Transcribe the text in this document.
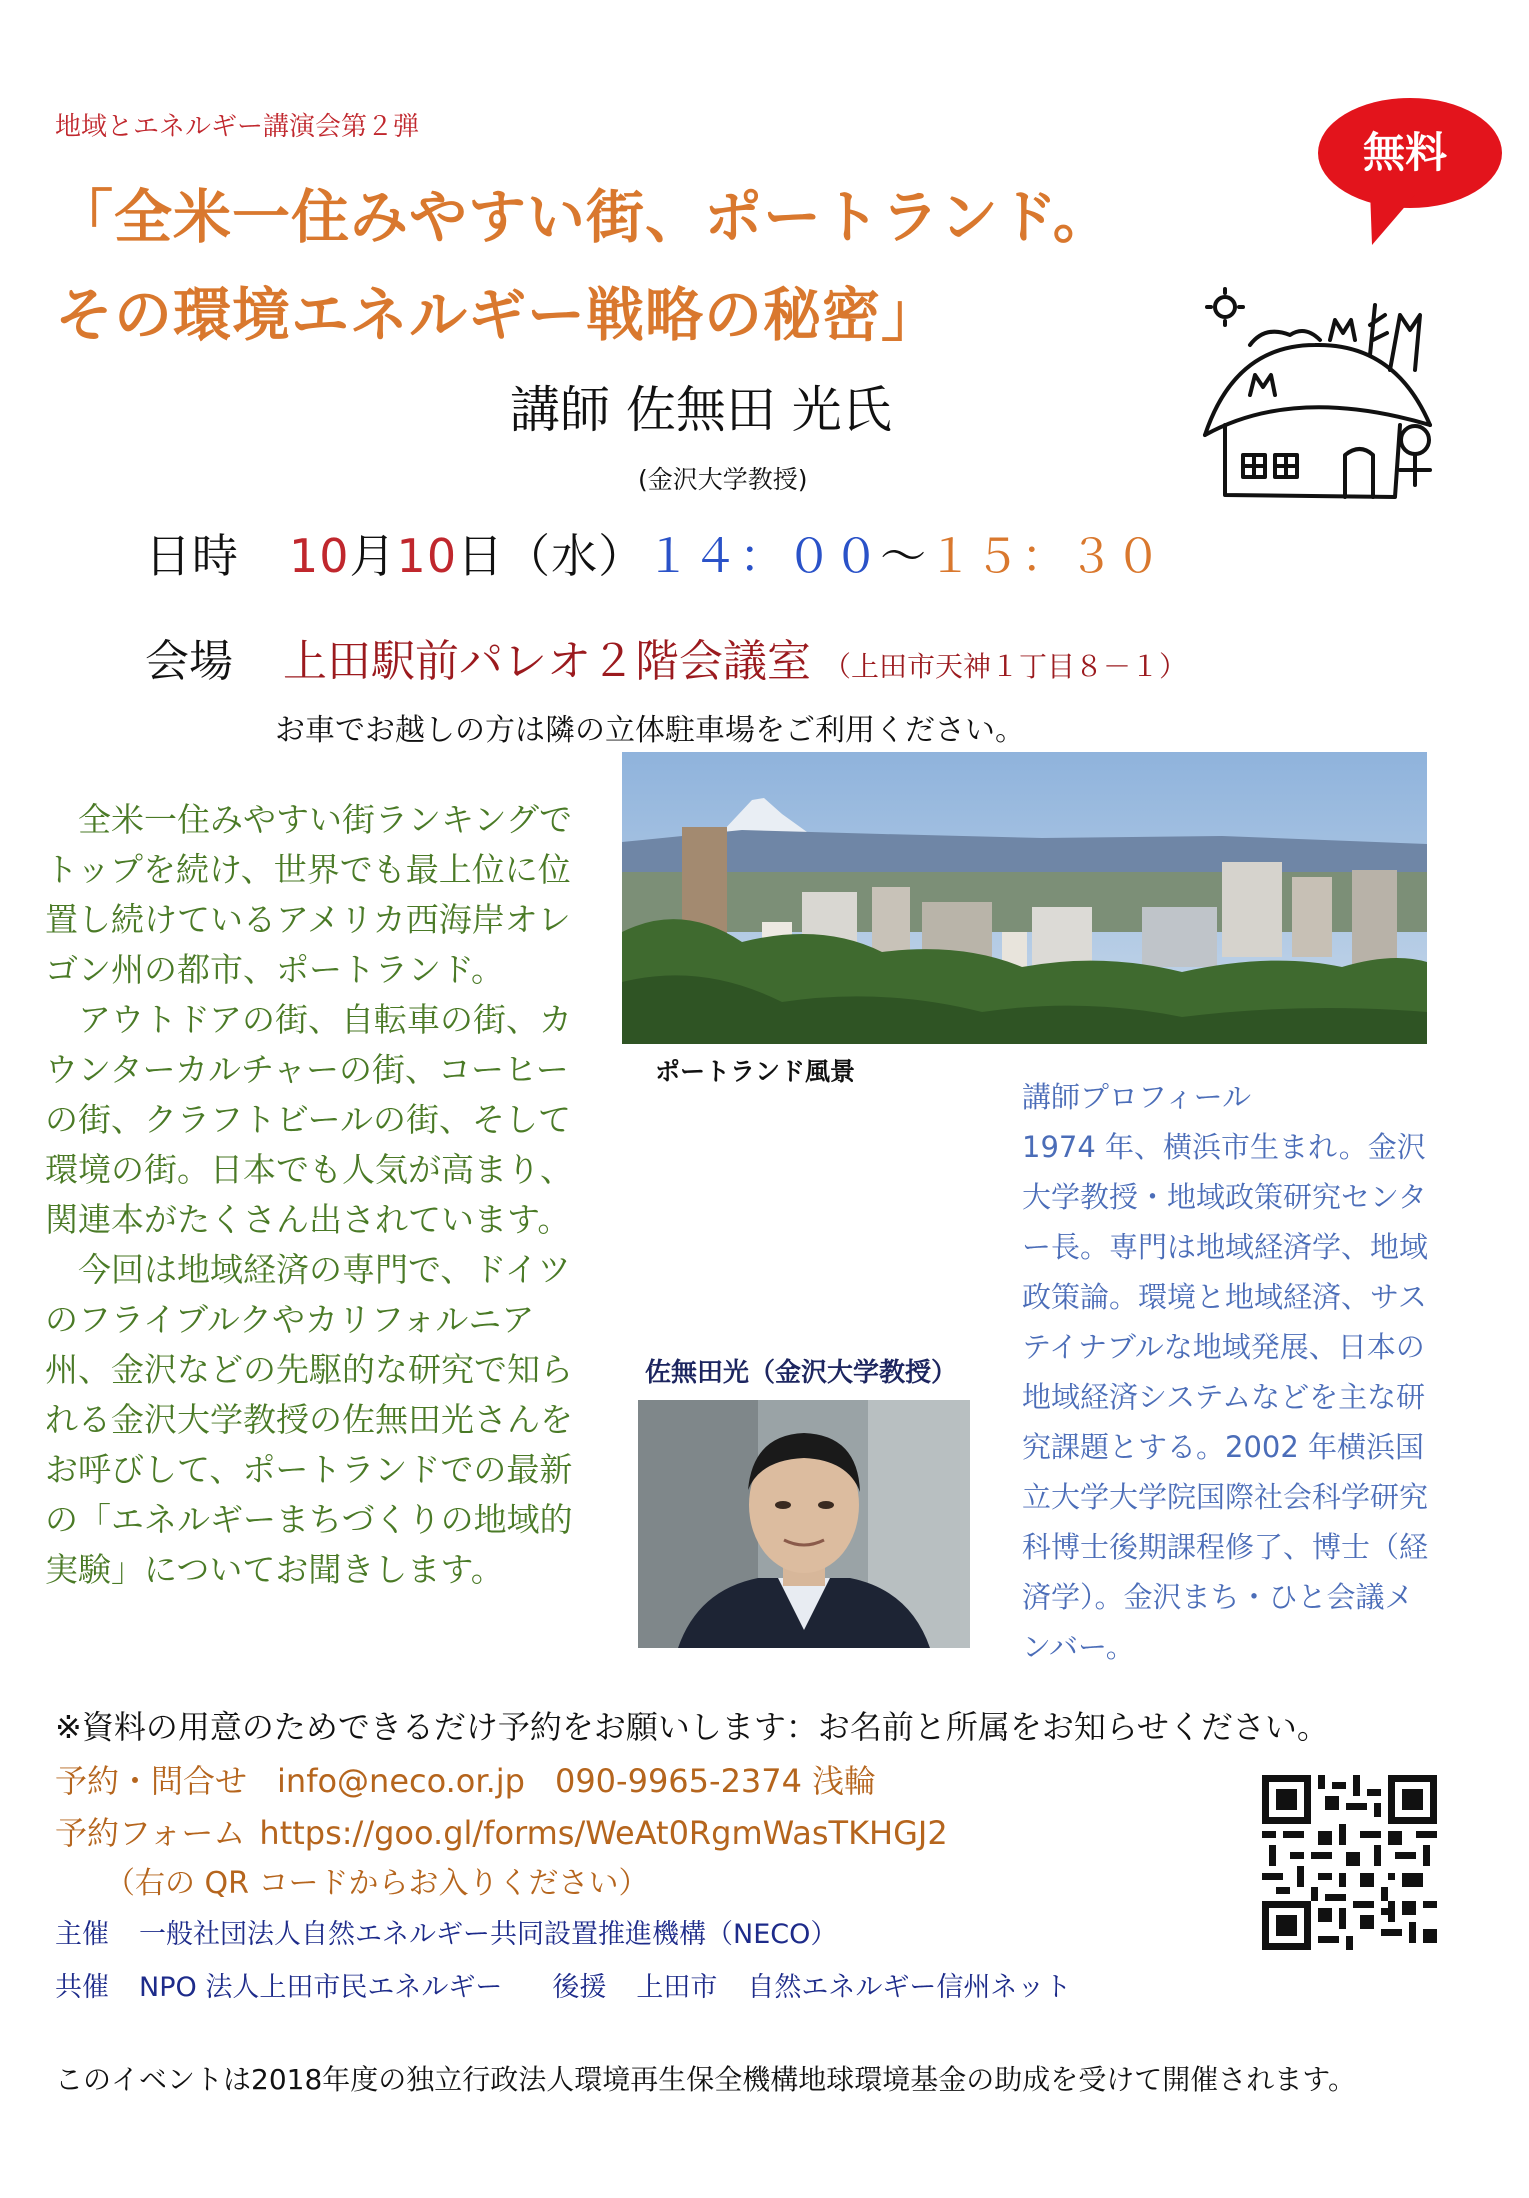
地域とエネルギー講演会第２弾
「全米一住みやすい街、ポートランド。
その環境エネルギー戦略の秘密」
無料
講師 佐無田 光氏
(金沢大学教授)
日時 10月10日（水）１４：００～１５：３０
会場 上田駅前パレオ２階会議室 （上田市天神１丁目８－１）
お車でお越しの方は隣の立体駐車場をご利用ください。
ポートランド風景

全米一住みやすい街ランキングでトップを続け、世界でも最上位に位置し続けているアメリカ西海岸オレゴン州の都市、ポートランド。

アウトドアの街、自転車の街、カウンターカルチャーの街、コーヒーの街、クラフトビールの街、そして環境の街。日本でも人気が高まり、関連本がたくさん出されています。

今回は地域経済の専門で、ドイツのフライブルクやカリフォルニア州、金沢などの先駆的な研究で知られる金沢大学教授の佐無田光さんをお呼びして、ポートランドでの最新の「エネルギーまちづくりの地域的実験」についてお聞きします。

講師プロフィール
1974 年、横浜市生まれ。金沢大学教授・地域政策研究センター長。専門は地域経済学、地域政策論。環境と地域経済、サステイナブルな地域発展、日本の地域経済システムなどを主な研究課題とする。2002 年横浜国立大学大学院国際社会科学研究科博士後期課程修了、博士（経済学）。金沢まち・ひと会議メンバー。
佐無田光（金沢大学教授）
※資料の用意のためできるだけ予約をお願いします：お名前と所属をお知らせください。
予約・問合せ info@neco.or.jp 090-9965-2374 浅輪
予約フォーム https://goo.gl/forms/WeAt0RgmWasTKHGJ2
（右の QR コードからお入りください）
主催 一般社団法人自然エネルギー共同設置推進機構（NECO）
共催 NPO 法人上田市民エネルギー 後援 上田市 自然エネルギー信州ネット
このイベントは2018年度の独立行政法人環境再生保全機構地球環境基金の助成を受けて開催されます。
